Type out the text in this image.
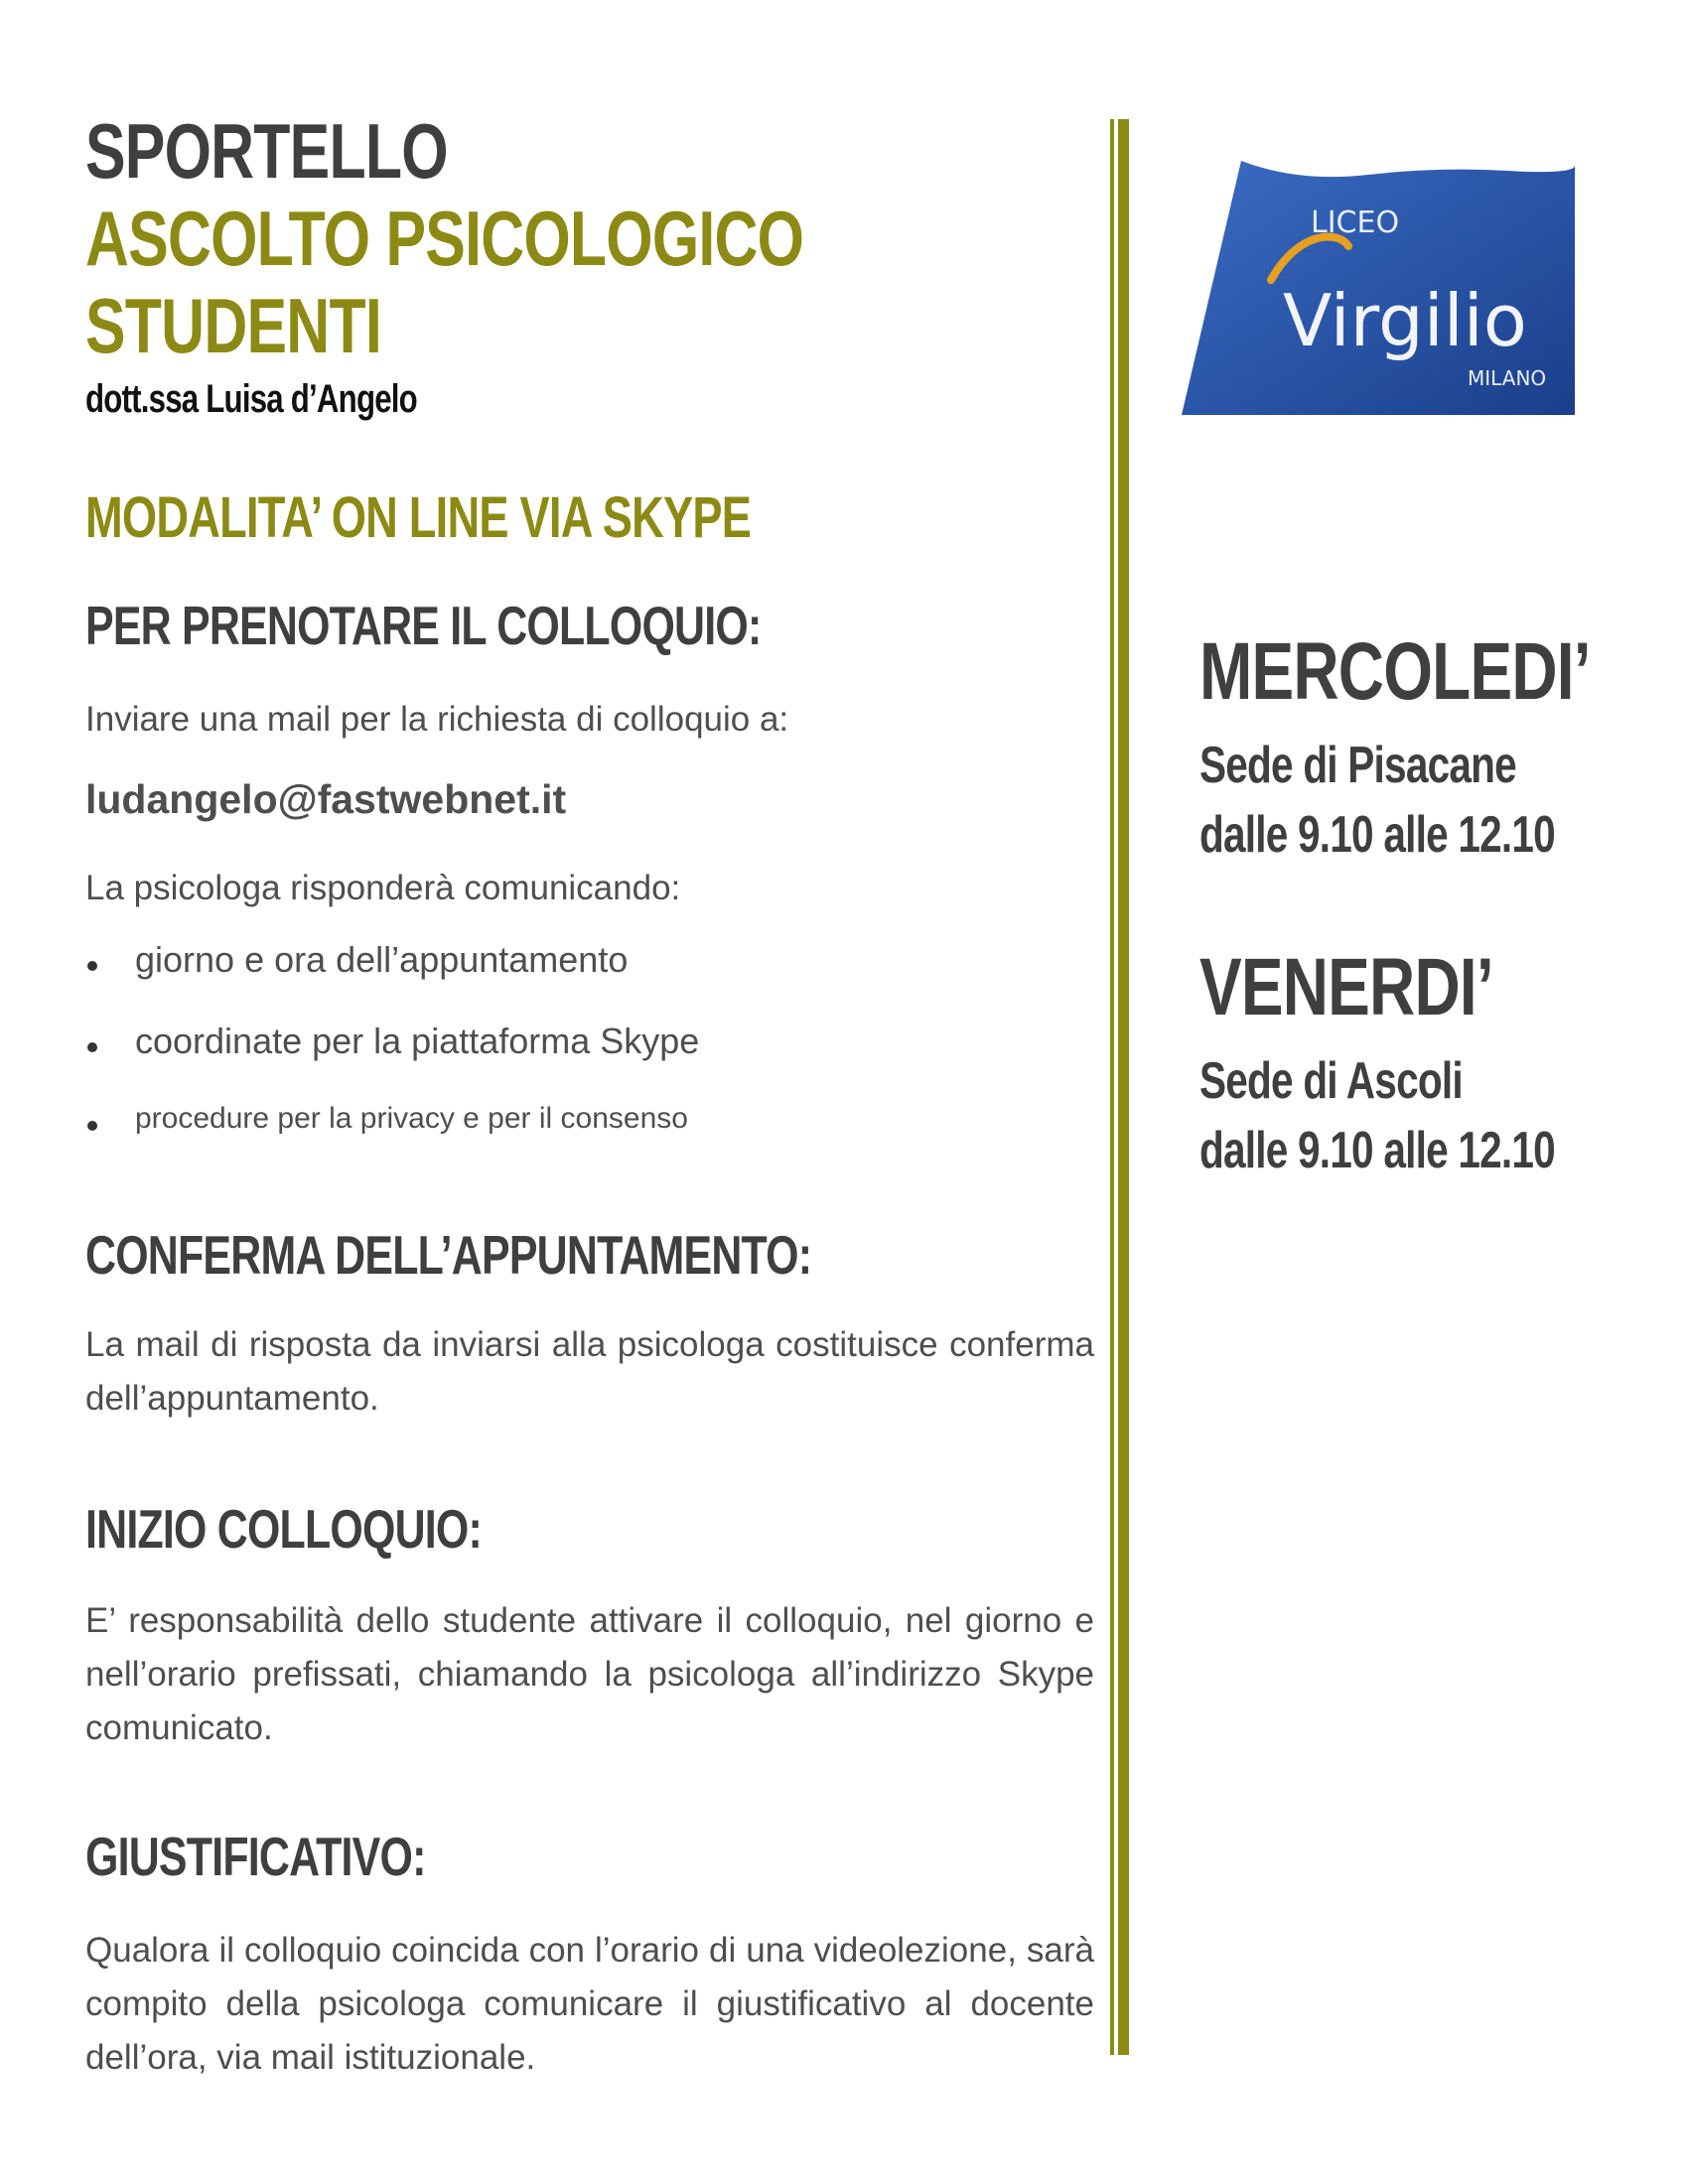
SPORTELLO
ASCOLTO PSICOLOGICO
STUDENTI
dott.ssa Luisa d’Angelo
MODALITA’ ON LINE VIA SKYPE
PER PRENOTARE IL COLLOQUIO:
Inviare una mail per la richiesta di colloquio a:
ludangelo@fastwebnet.it
La psicologa risponderà comunicando:
giorno e ora dell’appuntamento
coordinate per la piattaforma Skype
procedure per la privacy e per il consenso
CONFERMA DELL’APPUNTAMENTO:
La mail di risposta da inviarsi alla psicologa costituisce conferma dell’appuntamento.
INIZIO COLLOQUIO:
E’ responsabilità dello studente attivare il colloquio, nel giorno e nell’orario prefissati, chiamando la psicologa all’indirizzo Skype comunicato.
GIUSTIFICATIVO:
Qualora il colloquio coincida con l’orario di una videolezione, sarà compito della psicologa comunicare il giustificativo al docente dell’ora, via mail istituzionale.
LICEO
Virgilio
MILANO
MERCOLEDI’
Sede di Pisacane
dalle 9.10 alle 12.10
VENERDI’
Sede di Ascoli
dalle 9.10 alle 12.10
